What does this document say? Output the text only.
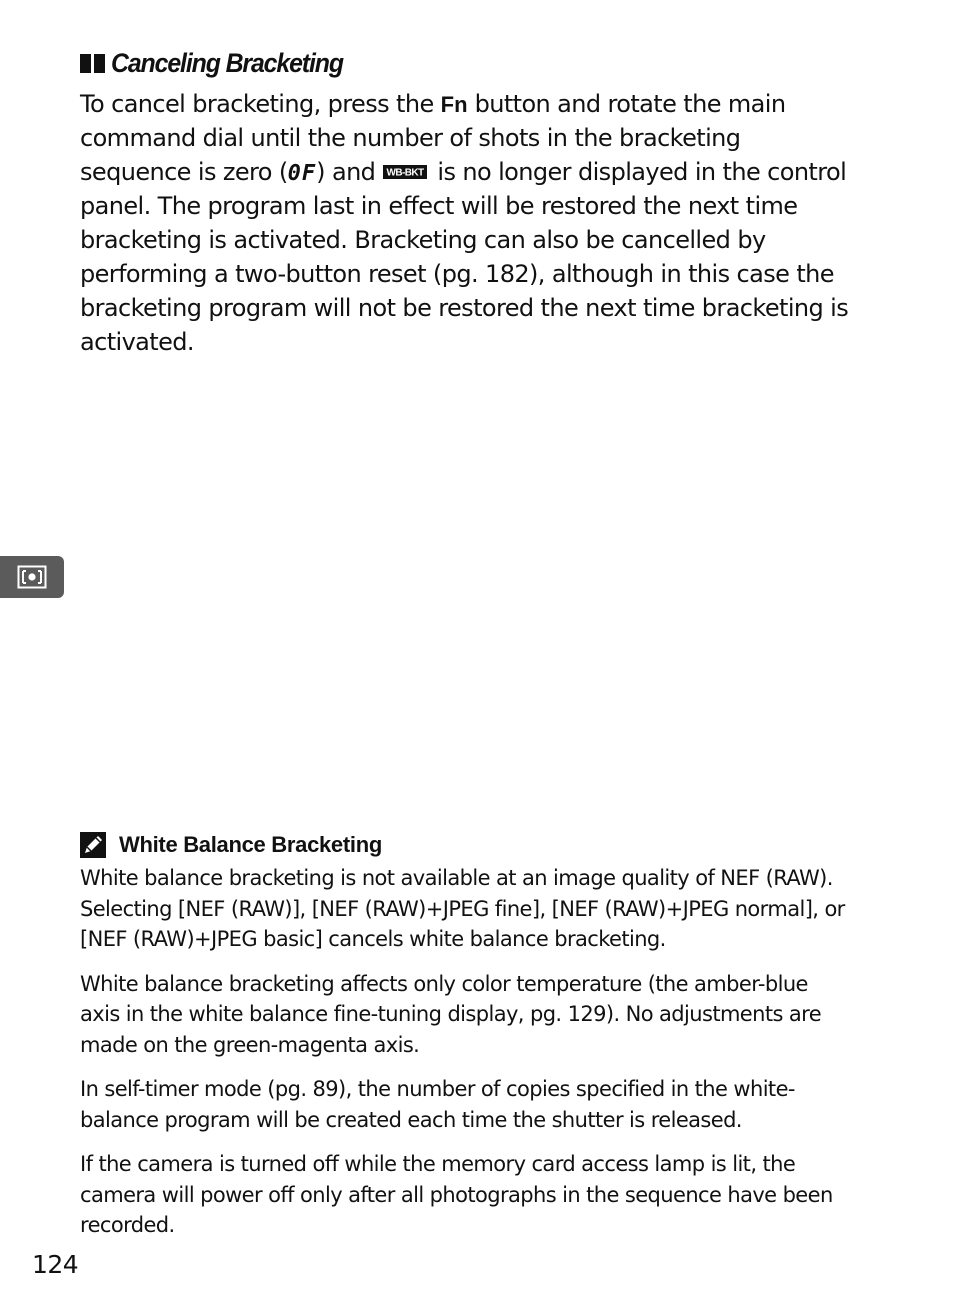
Canceling Bracketing

To cancel bracketing, press the Fn button and rotate the main command dial until the number of shots in the bracketing sequence is zero (0F) and WB-BKT is no longer displayed in the control panel. The program last in effect will be restored the next time bracketing is activated. Bracketing can also be cancelled by performing a two-button reset (pg. 182), although in this case the bracketing program will not be restored the next time bracketing is activated.

White Balance Bracketing

White balance bracketing is not available at an image quality of NEF (RAW). Selecting [NEF (RAW)], [NEF (RAW)+JPEG fine], [NEF (RAW)+JPEG normal], or [NEF (RAW)+JPEG basic] cancels white balance bracketing.

White balance bracketing affects only color temperature (the amber-blue axis in the white balance fine-tuning display, pg. 129). No adjustments are made on the green-magenta axis.

In self-timer mode (pg. 89), the number of copies specified in the white-balance program will be created each time the shutter is released.

If the camera is turned off while the memory card access lamp is lit, the camera will power off only after all photographs in the sequence have been recorded.

124
